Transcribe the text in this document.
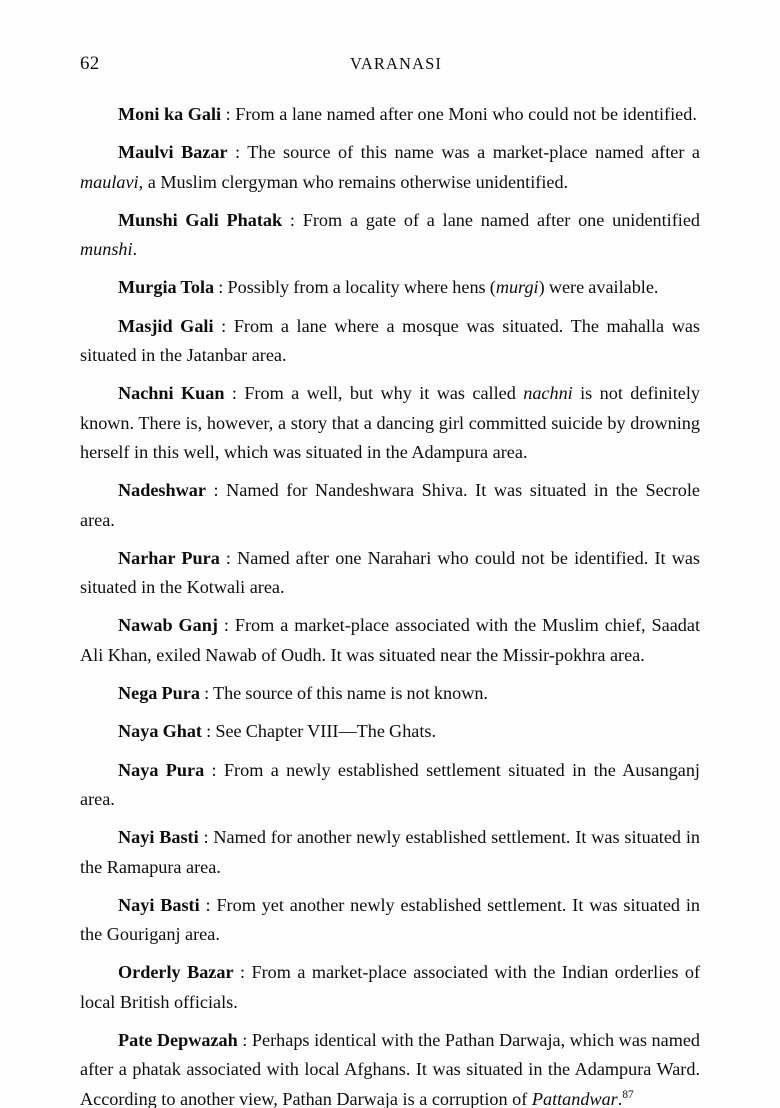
62	VARANASI

Moni ka Gali : From a lane named after one Moni who could not be identified.

Maulvi Bazar : The source of this name was a market-place named after a maulavi, a Muslim clergyman who remains otherwise unidentified.

Munshi Gali Phatak : From a gate of a lane named after one unidentified munshi.

Murgia Tola : Possibly from a locality where hens (murgi) were available.

Masjid Gali : From a lane where a mosque was situated. The mahalla was situated in the Jatanbar area.

Nachni Kuan : From a well, but why it was called nachni is not definitely known. There is, however, a story that a dancing girl committed suicide by drowning herself in this well, which was situated in the Adampura area.

Nadeshwar : Named for Nandeshwara Shiva. It was situated in the Secrole area.

Narhar Pura : Named after one Narahari who could not be identified. It was situated in the Kotwali area.

Nawab Ganj : From a market-place associated with the Muslim chief, Saadat Ali Khan, exiled Nawab of Oudh. It was situated near the Missir-pokhra area.

Nega Pura : The source of this name is not known.

Naya Ghat : See Chapter VIII—The Ghats.

Naya Pura : From a newly established settlement situated in the Ausanganj area.

Nayi Basti : Named for another newly established settlement. It was situated in the Ramapura area.

Nayi Basti : From yet another newly established settlement. It was situated in the Gouriganj area.

Orderly Bazar : From a market-place associated with the Indian orderlies of local British officials.

Pate Depwazah : Perhaps identical with the Pathan Darwaja, which was named after a phatak associated with local Afghans. It was situated in the Adampura Ward. According to another view, Pathan Darwaja is a corruption of Pattandwar.$^{87}$
